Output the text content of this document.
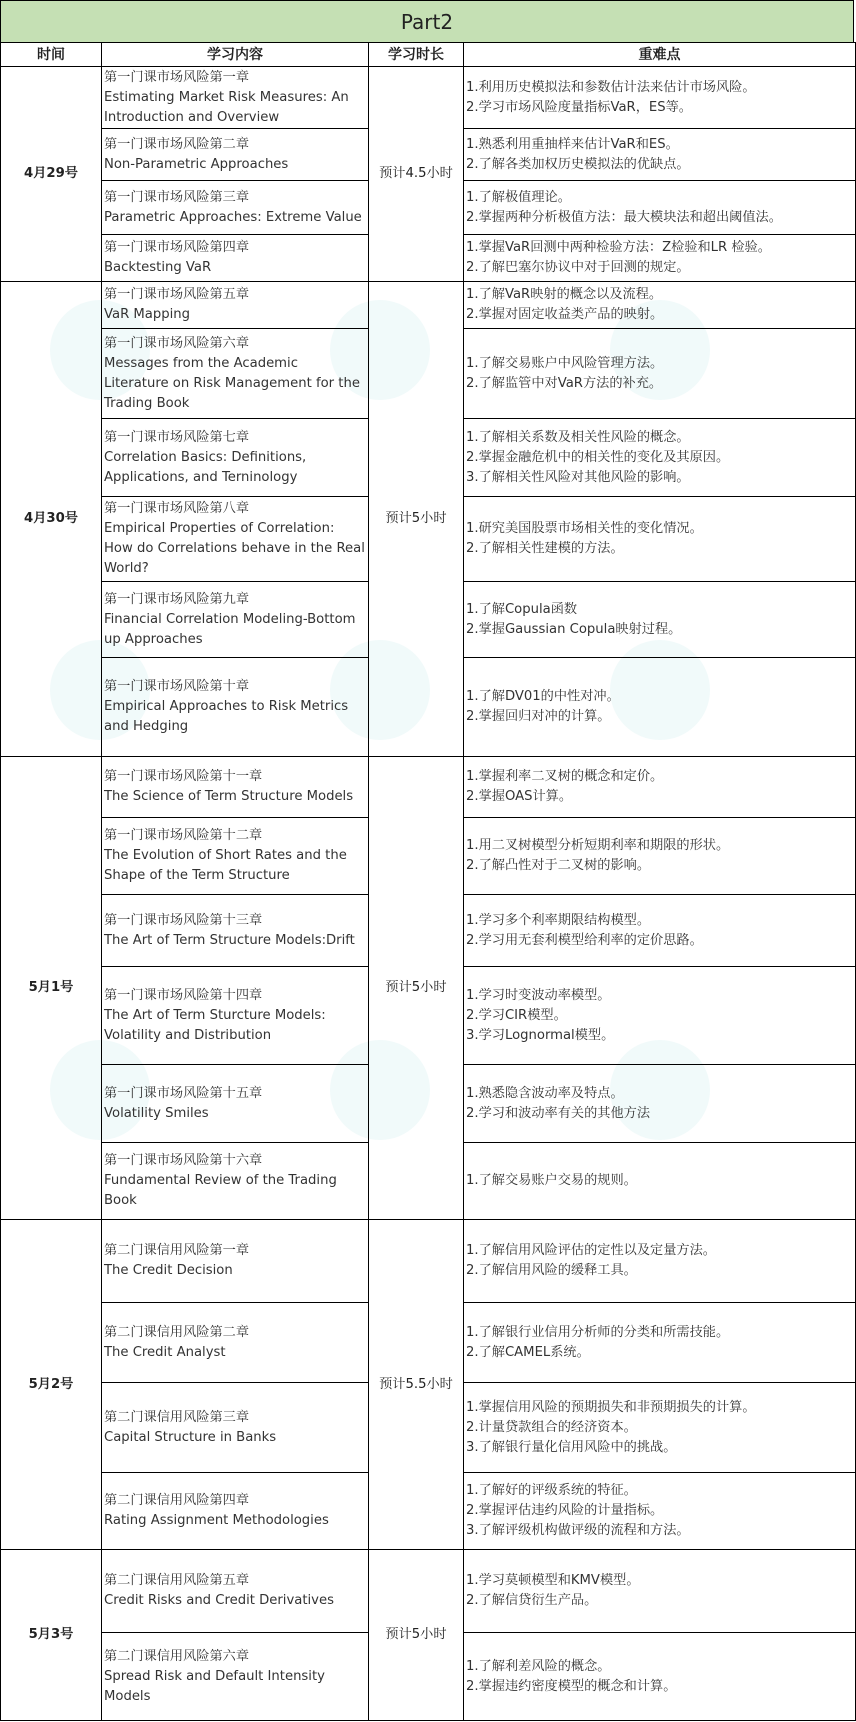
Part2
时间	学习内容	学习时长	重难点
4月29号	第一门课市场风险第一章
Estimating Market Risk Measures: An Introduction and Overview	预计4.5小时	1.利用历史模拟法和参数估计法来估计市场风险。
2.学习市场风险度量指标VaR，ES等。

	第一门课市场风险第二章
Non-Parametric Approaches		1.熟悉利用重抽样来估计VaR和ES。
2.了解各类加权历史模拟法的优缺点。

	第一门课市场风险第三章
Parametric Approaches: Extreme Value		1.了解极值理论。
2.掌握两种分析极值方法：最大模块法和超出阈值法。

	第一门课市场风险第四章
Backtesting VaR		1.掌握VaR回测中两种检验方法：Z检验和LR 检验。
2.了解巴塞尔协议中对于回测的规定。

4月30号	第一门课市场风险第五章
VaR Mapping	预计5小时	1.了解VaR映射的概念以及流程。
2.掌握对固定收益类产品的映射。

	第一门课市场风险第六章
Messages from the Academic Literature on Risk Management for the Trading Book		1.了解交易账户中风险管理方法。
2.了解监管中对VaR方法的补充。

	第一门课市场风险第七章
Correlation Basics: Definitions, Applications, and Terninology		1.了解相关系数及相关性风险的概念。
2.掌握金融危机中的相关性的变化及其原因。
3.了解相关性风险对其他风险的影响。

	第一门课市场风险第八章
Empirical Properties of Correlation: How do Correlations behave in the Real World?		1.研究美国股票市场相关性的变化情况。
2.了解相关性建模的方法。

	第一门课市场风险第九章
Financial Correlation Modeling-Bottom up Approaches		1.了解Copula函数
2.掌握Gaussian Copula映射过程。

	第一门课市场风险第十章
Empirical Approaches to Risk Metrics and Hedging		1.了解DV01的中性对冲。
2.掌握回归对冲的计算。

5月1号	第一门课市场风险第十一章
The Science of Term Structure Models	预计5小时	1.掌握利率二叉树的概念和定价。
2.掌握OAS计算。

	第一门课市场风险第十二章
The Evolution of Short Rates and the Shape of the Term Structure		1.用二叉树模型分析短期利率和期限的形状。
2.了解凸性对于二叉树的影响。

	第一门课市场风险第十三章
The Art of Term Structure Models:Drift		1.学习多个利率期限结构模型。
2.学习用无套利模型给利率的定价思路。

	第一门课市场风险第十四章
The Art of Term Sturcture Models: Volatility and Distribution		1.学习时变波动率模型。
2.学习CIR模型。
3.学习Lognormal模型。

	第一门课市场风险第十五章
Volatility Smiles		1.熟悉隐含波动率及特点。
2.学习和波动率有关的其他方法

	第一门课市场风险第十六章
Fundamental Review of the Trading Book		1.了解交易账户交易的规则。

5月2号	第二门课信用风险第一章
The Credit Decision	预计5.5小时	1.了解信用风险评估的定性以及定量方法。
2.了解信用风险的缓释工具。

	第二门课信用风险第二章
The Credit Analyst		1.了解银行业信用分析师的分类和所需技能。
2.了解CAMEL系统。

	第二门课信用风险第三章
Capital Structure in Banks		1.掌握信用风险的预期损失和非预期损失的计算。
2.计量贷款组合的经济资本。
3.了解银行量化信用风险中的挑战。

	第二门课信用风险第四章
Rating Assignment Methodologies		1.了解好的评级系统的特征。
2.掌握评估违约风险的计量指标。
3.了解评级机构做评级的流程和方法。

5月3号	第二门课信用风险第五章
Credit Risks and Credit Derivatives	预计5小时	1.学习莫顿模型和KMV模型。
2.了解信贷衍生产品。

	第二门课信用风险第六章
Spread Risk and Default Intensity Models		1.了解利差风险的概念。
2.掌握违约密度模型的概念和计算。
